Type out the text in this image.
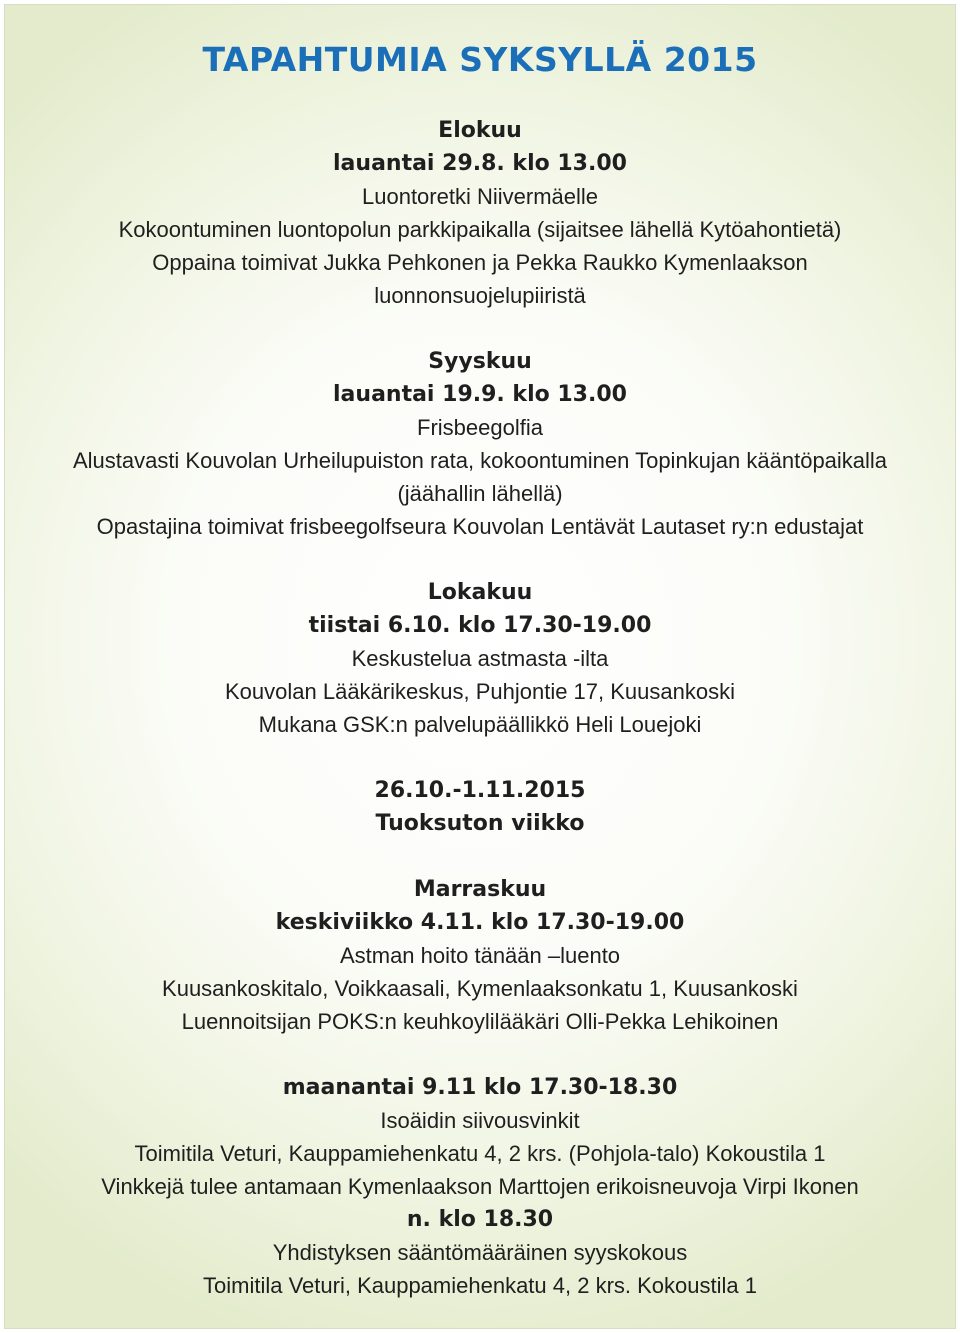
TAPAHTUMIA SYKSYLLÄ 2015
Elokuu
lauantai 29.8. klo 13.00
Luontoretki Niivermäelle
Kokoontuminen luontopolun parkkipaikalla (sijaitsee lähellä Kytöahontietä)
Oppaina toimivat Jukka Pehkonen ja Pekka Raukko Kymenlaakson
luonnonsuojelupiiristä
Syyskuu
lauantai 19.9. klo 13.00
Frisbeegolfia
Alustavasti Kouvolan Urheilupuiston rata, kokoontuminen Topinkujan kääntöpaikalla
(jäähallin lähellä)
Opastajina toimivat frisbeegolfseura Kouvolan Lentävät Lautaset ry:n edustajat
Lokakuu
tiistai 6.10. klo 17.30-19.00
Keskustelua astmasta -ilta
Kouvolan Lääkärikeskus, Puhjontie 17, Kuusankoski
Mukana GSK:n palvelupäällikkö Heli Louejoki
26.10.-1.11.2015
Tuoksuton viikko
Marraskuu
keskiviikko 4.11. klo 17.30-19.00
Astman hoito tänään –luento
Kuusankoskitalo, Voikkaasali, Kymenlaaksonkatu 1, Kuusankoski
Luennoitsijan POKS:n keuhkoylilääkäri Olli-Pekka Lehikoinen
maanantai 9.11 klo 17.30-18.30
Isoäidin siivousvinkit
Toimitila Veturi, Kauppamiehenkatu 4, 2 krs. (Pohjola-talo) Kokoustila 1
Vinkkejä tulee antamaan Kymenlaakson Marttojen erikoisneuvoja Virpi Ikonen
n. klo 18.30
Yhdistyksen sääntömääräinen syyskokous
Toimitila Veturi, Kauppamiehenkatu 4, 2 krs. Kokoustila 1
